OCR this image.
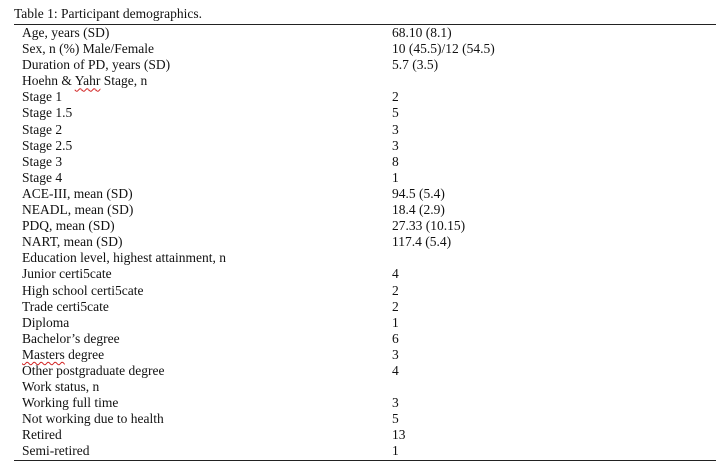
Table 1: Participant demographics.
Age, years (SD)	68.10 (8.1)
Sex, n (%) Male/Female	10 (45.5)/12 (54.5)
Duration of PD, years (SD)	5.7 (3.5)
Hoehn & Yahr Stage, n
Stage 1	2
Stage 1.5	5
Stage 2	3
Stage 2.5	3
Stage 3	8
Stage 4	1
ACE-III, mean (SD)	94.5 (5.4)
NEADL, mean (SD)	18.4 (2.9)
PDQ, mean (SD)	27.33 (10.15)
NART, mean (SD)	117.4 (5.4)
Education level, highest attainment, n
Junior certi5cate	4
High school certi5cate	2
Trade certi5cate	2
Diploma	1
Bachelor’s degree	6
Masters degree	3
Other postgraduate degree	4
Work status, n
Working full time	3
Not working due to health	5
Retired	13
Semi-retired	1
